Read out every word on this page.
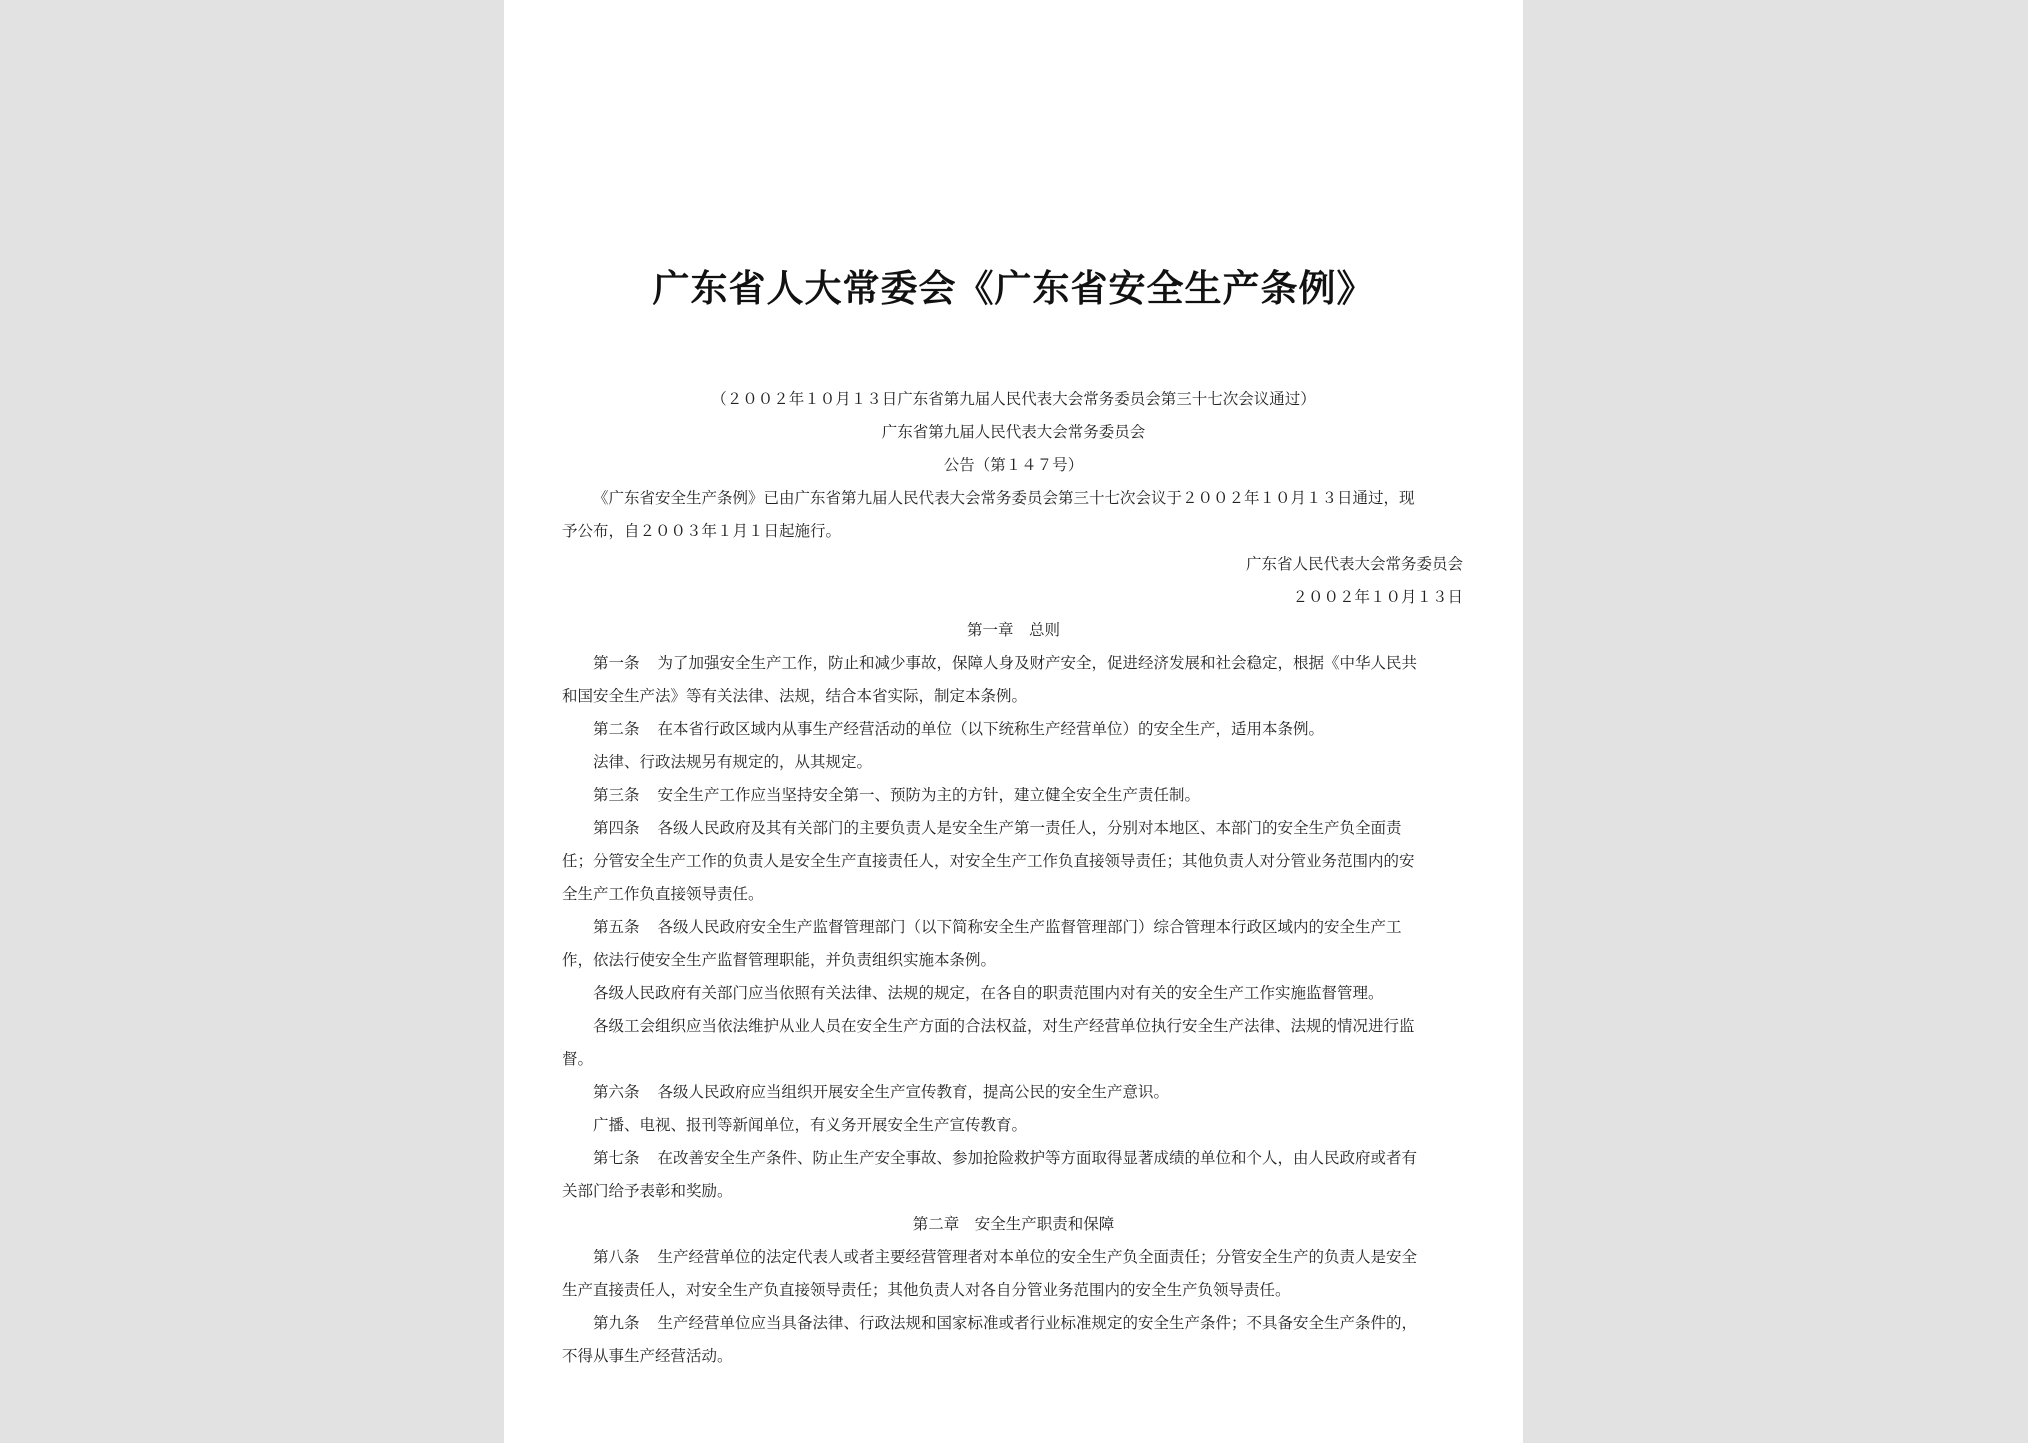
广东省人大常委会《广东省安全生产条例》
（２００２年１０月１３日广东省第九届人民代表大会常务委员会第三十七次会议通过）
广东省第九届人民代表大会常务委员会
公告（第１４７号）
《广东省安全生产条例》已由广东省第九届人民代表大会常务委员会第三十七次会议于２００２年１０月１３日通过，现
予公布，自２００３年１月１日起施行。
广东省人民代表大会常务委员会
２００２年１０月１３日
第一章　总则
第一条 为了加强安全生产工作，防止和减少事故，保障人身及财产安全，促进经济发展和社会稳定，根据《中华人民共
和国安全生产法》等有关法律、法规，结合本省实际，制定本条例。
第二条 在本省行政区域内从事生产经营活动的单位（以下统称生产经营单位）的安全生产，适用本条例。
法律、行政法规另有规定的，从其规定。
第三条 安全生产工作应当坚持安全第一、预防为主的方针，建立健全安全生产责任制。
第四条 各级人民政府及其有关部门的主要负责人是安全生产第一责任人，分别对本地区、本部门的安全生产负全面责
任；分管安全生产工作的负责人是安全生产直接责任人，对安全生产工作负直接领导责任；其他负责人对分管业务范围内的安
全生产工作负直接领导责任。
第五条 各级人民政府安全生产监督管理部门（以下简称安全生产监督管理部门）综合管理本行政区域内的安全生产工
作，依法行使安全生产监督管理职能，并负责组织实施本条例。
各级人民政府有关部门应当依照有关法律、法规的规定，在各自的职责范围内对有关的安全生产工作实施监督管理。
各级工会组织应当依法维护从业人员在安全生产方面的合法权益，对生产经营单位执行安全生产法律、法规的情况进行监
督。
第六条 各级人民政府应当组织开展安全生产宣传教育，提高公民的安全生产意识。
广播、电视、报刊等新闻单位，有义务开展安全生产宣传教育。
第七条 在改善安全生产条件、防止生产安全事故、参加抢险救护等方面取得显著成绩的单位和个人，由人民政府或者有
关部门给予表彰和奖励。
第二章　安全生产职责和保障
第八条 生产经营单位的法定代表人或者主要经营管理者对本单位的安全生产负全面责任；分管安全生产的负责人是安全
生产直接责任人，对安全生产负直接领导责任；其他负责人对各自分管业务范围内的安全生产负领导责任。
第九条 生产经营单位应当具备法律、行政法规和国家标准或者行业标准规定的安全生产条件；不具备安全生产条件的，
不得从事生产经营活动。
